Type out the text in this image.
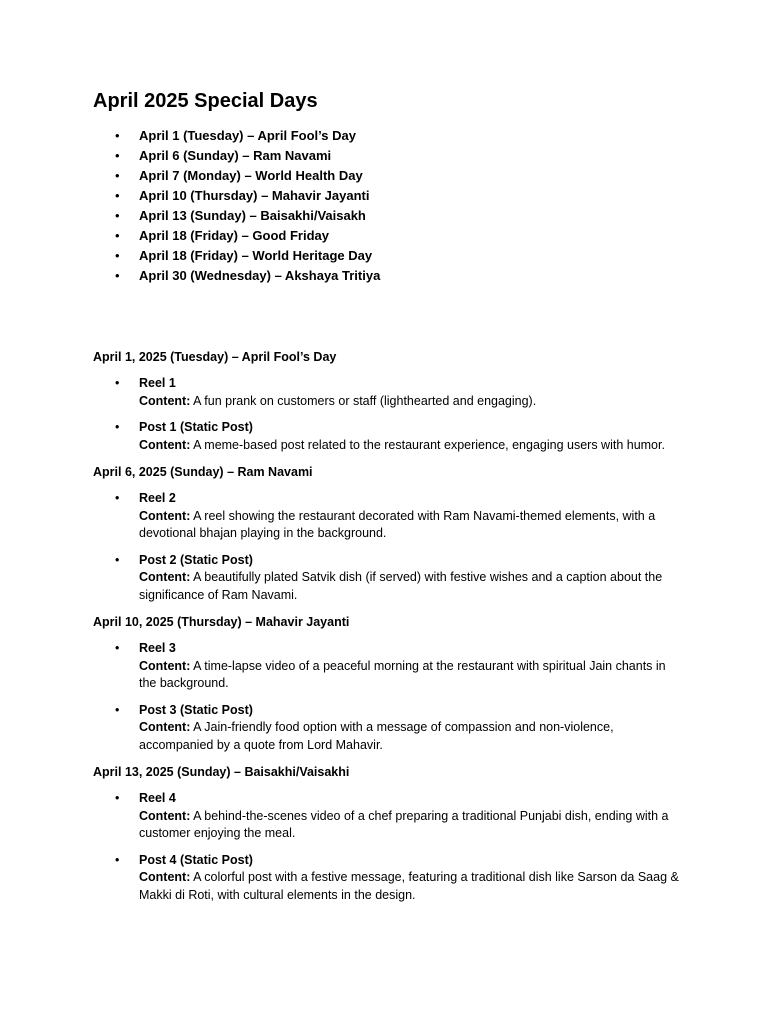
April 2025 Special Days
• April 1 (Tuesday) – April Fool’s Day
• April 6 (Sunday) – Ram Navami
• April 7 (Monday) – World Health Day
• April 10 (Thursday) – Mahavir Jayanti
• April 13 (Sunday) – Baisakhi/Vaisakh
• April 18 (Friday) – Good Friday
• April 18 (Friday) – World Heritage Day
• April 30 (Wednesday) – Akshaya Tritiya

April 1, 2025 (Tuesday) – April Fool’s Day

• Reel 1
Content: A fun prank on customers or staff (lighthearted and engaging).
• Post 1 (Static Post)
Content: A meme-based post related to the restaurant experience, engaging users with humor.

April 6, 2025 (Sunday) – Ram Navami

• Reel 2
Content: A reel showing the restaurant decorated with Ram Navami-themed elements, with a devotional bhajan playing in the background.
• Post 2 (Static Post)
Content: A beautifully plated Satvik dish (if served) with festive wishes and a caption about the significance of Ram Navami.

April 10, 2025 (Thursday) – Mahavir Jayanti

• Reel 3
Content: A time-lapse video of a peaceful morning at the restaurant with spiritual Jain chants in the background.
• Post 3 (Static Post)
Content: A Jain-friendly food option with a message of compassion and non-violence, accompanied by a quote from Lord Mahavir.

April 13, 2025 (Sunday) – Baisakhi/Vaisakhi

• Reel 4
Content: A behind-the-scenes video of a chef preparing a traditional Punjabi dish, ending with a customer enjoying the meal.
• Post 4 (Static Post)
Content: A colorful post with a festive message, featuring a traditional dish like Sarson da Saag & Makki di Roti, with cultural elements in the design.
